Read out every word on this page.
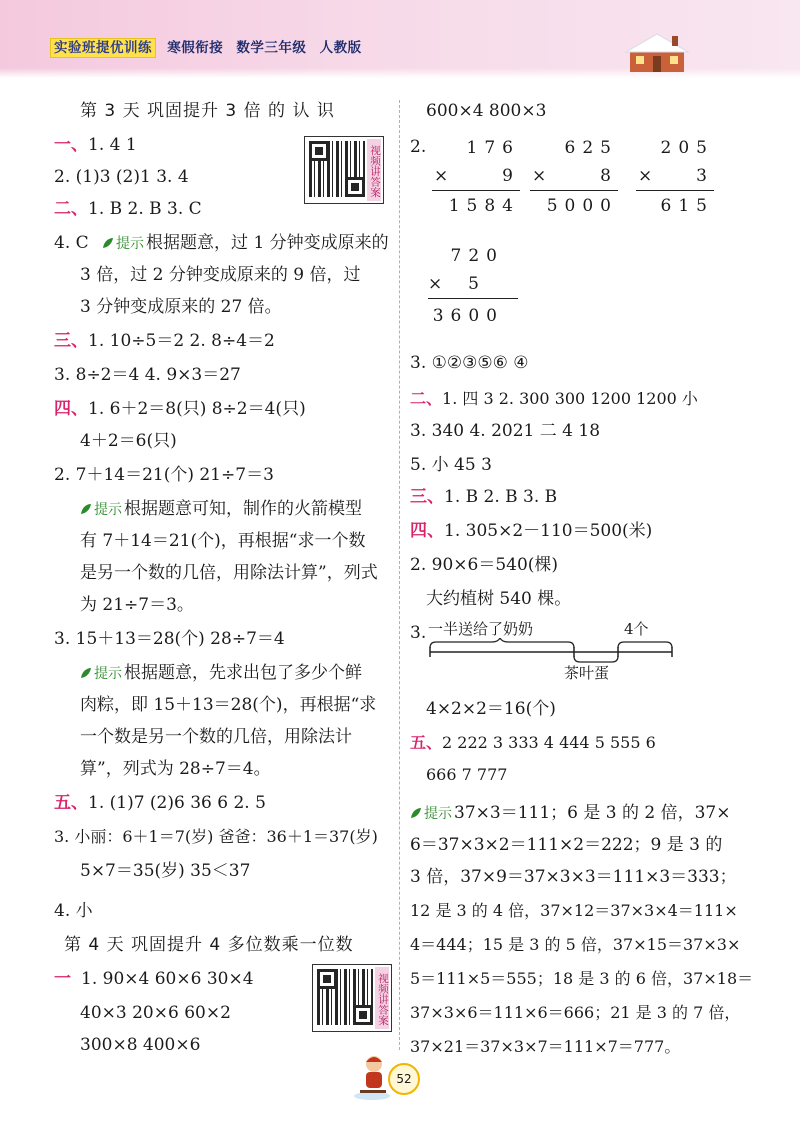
实验班提优训练 寒假衔接 数学三年级 人教版
第 3 天 巩固提升 3 倍 的 认 识
一、1. 4 1
2. (1)3 (2)1 3. 4
二、1. B 2. B 3. C
视频讲答案
4. C 提示 根据题意，过 1 分钟变成原来的
3 倍，过 2 分钟变成原来的 9 倍，过
3 分钟变成原来的 27 倍。
三、1. 10÷5＝2 2. 8÷4＝2
3. 8÷2＝4 4. 9×3＝27
四、1. 6＋2＝8(只) 8÷2＝4(只)
4＋2＝6(只)
2. 7＋14＝21(个) 21÷7＝3
提示 根据题意可知，制作的火箭模型
有 7＋14＝21(个)，再根据“求一个数
是另一个数的几倍，用除法计算”，列式
为 21÷7＝3。
3. 15＋13＝28(个) 28÷7＝4
提示 根据题意，先求出包了多少个鲜
肉粽，即 15＋13＝28(个)，再根据“求
一个数是另一个数的几倍，用除法计
算”，列式为 28÷7＝4。
五、1. (1)7 (2)6 36 6 2. 5
3. 小丽：6＋1＝7(岁) 爸爸：36＋1＝37(岁)
5×7＝35(岁) 35＜37
4. 小
第 4 天 巩固提升 4 多位数乘一位数
一 1. 90×4 60×6 30×4
40×3 20×6 60×2
300×8 400×6
视频讲答案
600×4 800×3
2. 176
×	9
1584
625
×	8
5000
205
×	3
615
720
× 5
3600
3. ①②③⑤⑥ ④
二、1. 四 3 2. 300 300 1200 1200 小
3. 340 4. 2021 二 4 18
5. 小 45 3
三、1. B 2. B 3. B
四、1. 305×2－110＝500(米)
2. 90×6＝540(棵)
大约植树 540 棵。
3. 一半送给了奶奶	4个
茶叶蛋
4×2×2＝16(个)
五、2 222 3 333 4 444 5 555 6
666 7 777
提示 37×3＝111；6 是 3 的 2 倍，37×
6＝37×3×2＝111×2＝222；9 是 3 的
3 倍，37×9＝37×3×3＝111×3＝333；
12 是 3 的 4 倍，37×12＝37×3×4＝111×
4＝444；15 是 3 的 5 倍，37×15＝37×3×
5＝111×5＝555；18 是 3 的 6 倍，37×18＝
37×3×6＝111×6＝666；21 是 3 的 7 倍，
37×21＝37×3×7＝111×7＝777。
52
